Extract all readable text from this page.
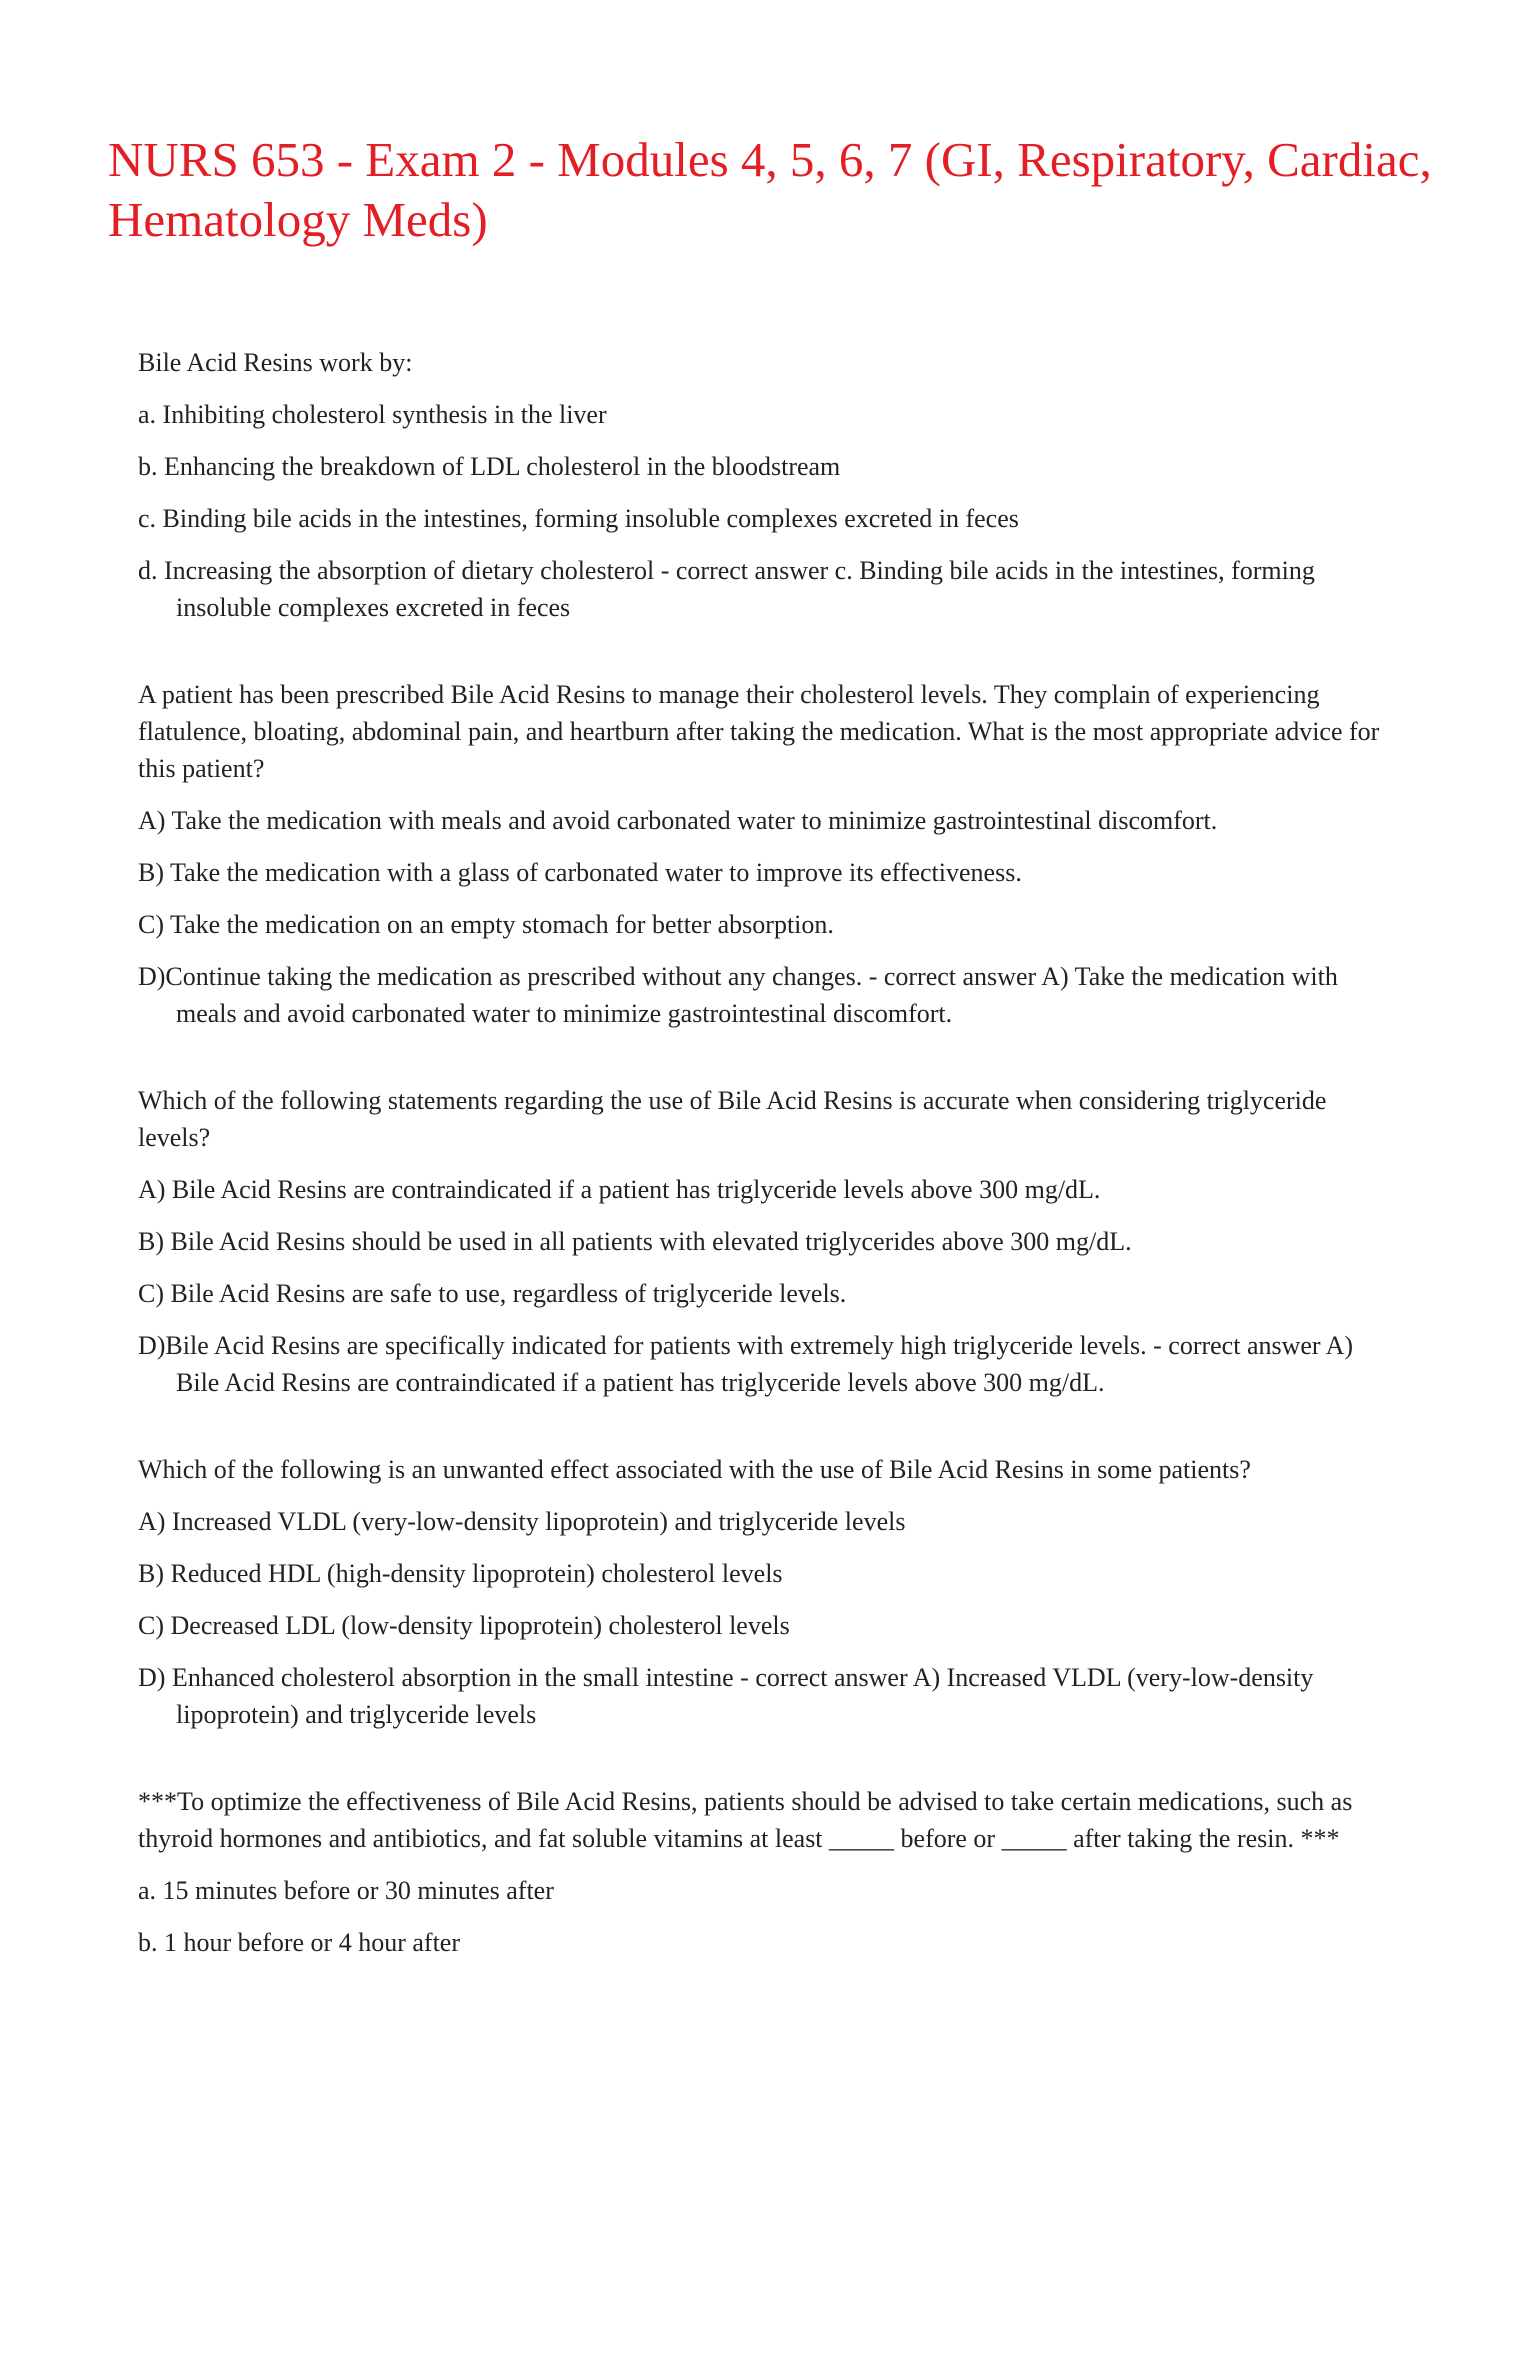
NURS 653 - Exam 2 - Modules 4, 5, 6, 7 (GI, Respiratory, Cardiac, Hematology Meds)

Bile Acid Resins work by:

a. Inhibiting cholesterol synthesis in the liver
b. Enhancing the breakdown of LDL cholesterol in the bloodstream
c. Binding bile acids in the intestines, forming insoluble complexes excreted in feces
d. Increasing the absorption of dietary cholesterol - correct answer c. Binding bile acids in the intestines, forming insoluble complexes excreted in feces

A patient has been prescribed Bile Acid Resins to manage their cholesterol levels. They complain of experiencing flatulence, bloating, abdominal pain, and heartburn after taking the medication. What is the most appropriate advice for this patient?

A) Take the medication with meals and avoid carbonated water to minimize gastrointestinal discomfort.
B) Take the medication with a glass of carbonated water to improve its effectiveness.
C) Take the medication on an empty stomach for better absorption.
D)Continue taking the medication as prescribed without any changes. - correct answer A) Take the medication with meals and avoid carbonated water to minimize gastrointestinal discomfort.

Which of the following statements regarding the use of Bile Acid Resins is accurate when considering triglyceride levels?

A) Bile Acid Resins are contraindicated if a patient has triglyceride levels above 300 mg/dL.
B) Bile Acid Resins should be used in all patients with elevated triglycerides above 300 mg/dL.
C) Bile Acid Resins are safe to use, regardless of triglyceride levels.
D)Bile Acid Resins are specifically indicated for patients with extremely high triglyceride levels. - correct answer A) Bile Acid Resins are contraindicated if a patient has triglyceride levels above 300 mg/dL.

Which of the following is an unwanted effect associated with the use of Bile Acid Resins in some patients?

A) Increased VLDL (very-low-density lipoprotein) and triglyceride levels
B) Reduced HDL (high-density lipoprotein) cholesterol levels
C) Decreased LDL (low-density lipoprotein) cholesterol levels
D) Enhanced cholesterol absorption in the small intestine - correct answer A) Increased VLDL (very-low-density lipoprotein) and triglyceride levels

***To optimize the effectiveness of Bile Acid Resins, patients should be advised to take certain medications, such as thyroid hormones and antibiotics, and fat soluble vitamins at least _____ before or _____ after taking the resin. ***

a. 15 minutes before or 30 minutes after
b. 1 hour before or 4 hour after
